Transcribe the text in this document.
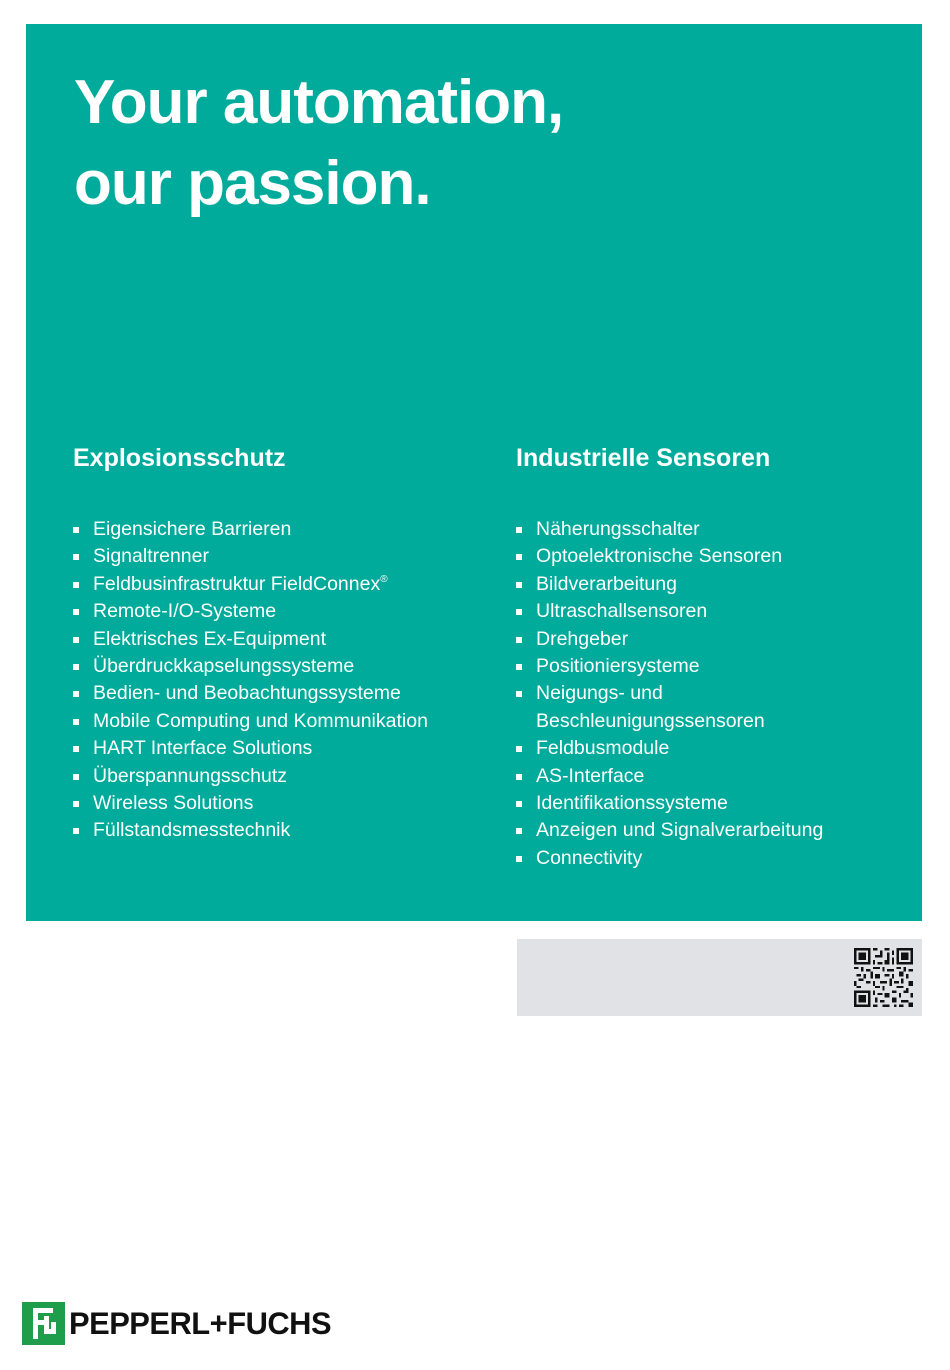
Your automation,
our passion.
Explosionsschutz
Eigensichere Barrieren
Signaltrenner
Feldbusinfrastruktur FieldConnex®
Remote-I/O-Systeme
Elektrisches Ex-Equipment
Überdruckkapselungssysteme
Bedien- und Beobachtungssysteme
Mobile Computing und Kommunikation
HART Interface Solutions
Überspannungsschutz
Wireless Solutions
Füllstandsmesstechnik
Industrielle Sensoren
Näherungsschalter
Optoelektronische Sensoren
Bildverarbeitung
Ultraschallsensoren
Drehgeber
Positioniersysteme
Neigungs- und
Beschleunigungssensoren
Feldbusmodule
AS-Interface
Identifikationssysteme
Anzeigen und Signalverarbeitung
Connectivity
PEPPERL+FUCHS
